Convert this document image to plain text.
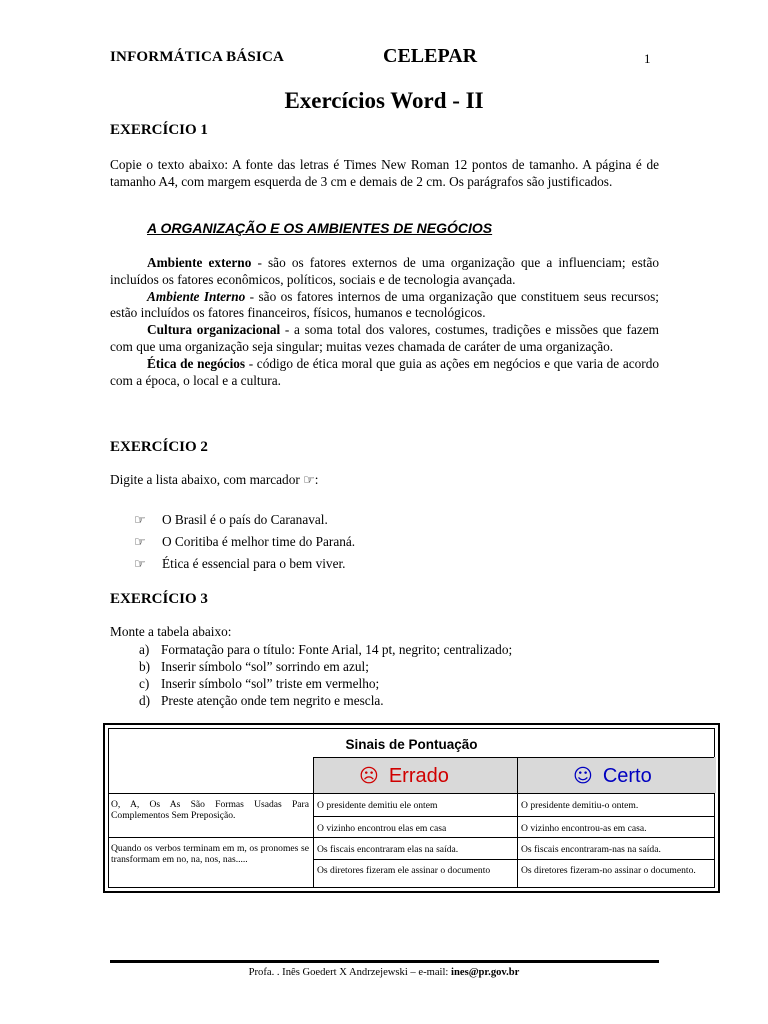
INFORMÁTICA BÁSICA	CELEPAR	1
Exercícios Word - II
EXERCÍCIO 1
Copie o texto abaixo: A fonte das letras é Times New Roman 12 pontos de tamanho. A página é de tamanho A4, com margem esquerda de 3 cm e demais de 2 cm. Os parágrafos são justificados.
A ORGANIZAÇÃO E OS AMBIENTES DE NEGÓCIOS

Ambiente externo - são os fatores externos de uma organização que a influenciam; estão incluídos os fatores econômicos, políticos, sociais e de tecnologia avançada.

Ambiente Interno - são os fatores internos de uma organização que constituem seus recursos; estão incluídos os fatores financeiros, físicos, humanos e tecnológicos.

Cultura organizacional - a soma total dos valores, costumes, tradições e missões que fazem com que uma organização seja singular; muitas vezes chamada de caráter de uma organização.

Ética de negócios - código de ética moral que guia as ações em negócios e que varia de acordo com a época, o local e a cultura.

EXERCÍCIO 2
Digite a lista abaixo, com marcador ☞:
☞ O Brasil é o país do Caranaval.
☞ O Coritiba é melhor time do Paraná.
☞ Ética é essencial para o bem viver.
EXERCÍCIO 3
Monte a tabela abaixo:
a) Formatação para o título: Fonte Arial, 14 pt, negrito; centralizado;
b) Inserir símbolo “sol” sorrindo em azul;
c) Inserir símbolo “sol” triste em vermelho;
d) Preste atenção onde tem negrito e mescla.
Sinais de Pontuação
☹ Errado	☺ Certo
O, A, Os As São Formas Usadas Para Complementos Sem Preposição.
O presidente demitiu ele ontem	O presidente demitiu-o ontem.
O vizinho encontrou elas em casa	O vizinho encontrou-as em casa.
Quando os verbos terminam em m, os pronomes se transformam em no, na, nos, nas.....
Os fiscais encontraram elas na saída.	Os fiscais encontraram-nas na saída.
Os diretores fizeram ele assinar o documento	Os diretores fizeram-no assinar o documento.
Profa. . Inês Goedert X Andrzejewski – e-mail: ines@pr.gov.br
